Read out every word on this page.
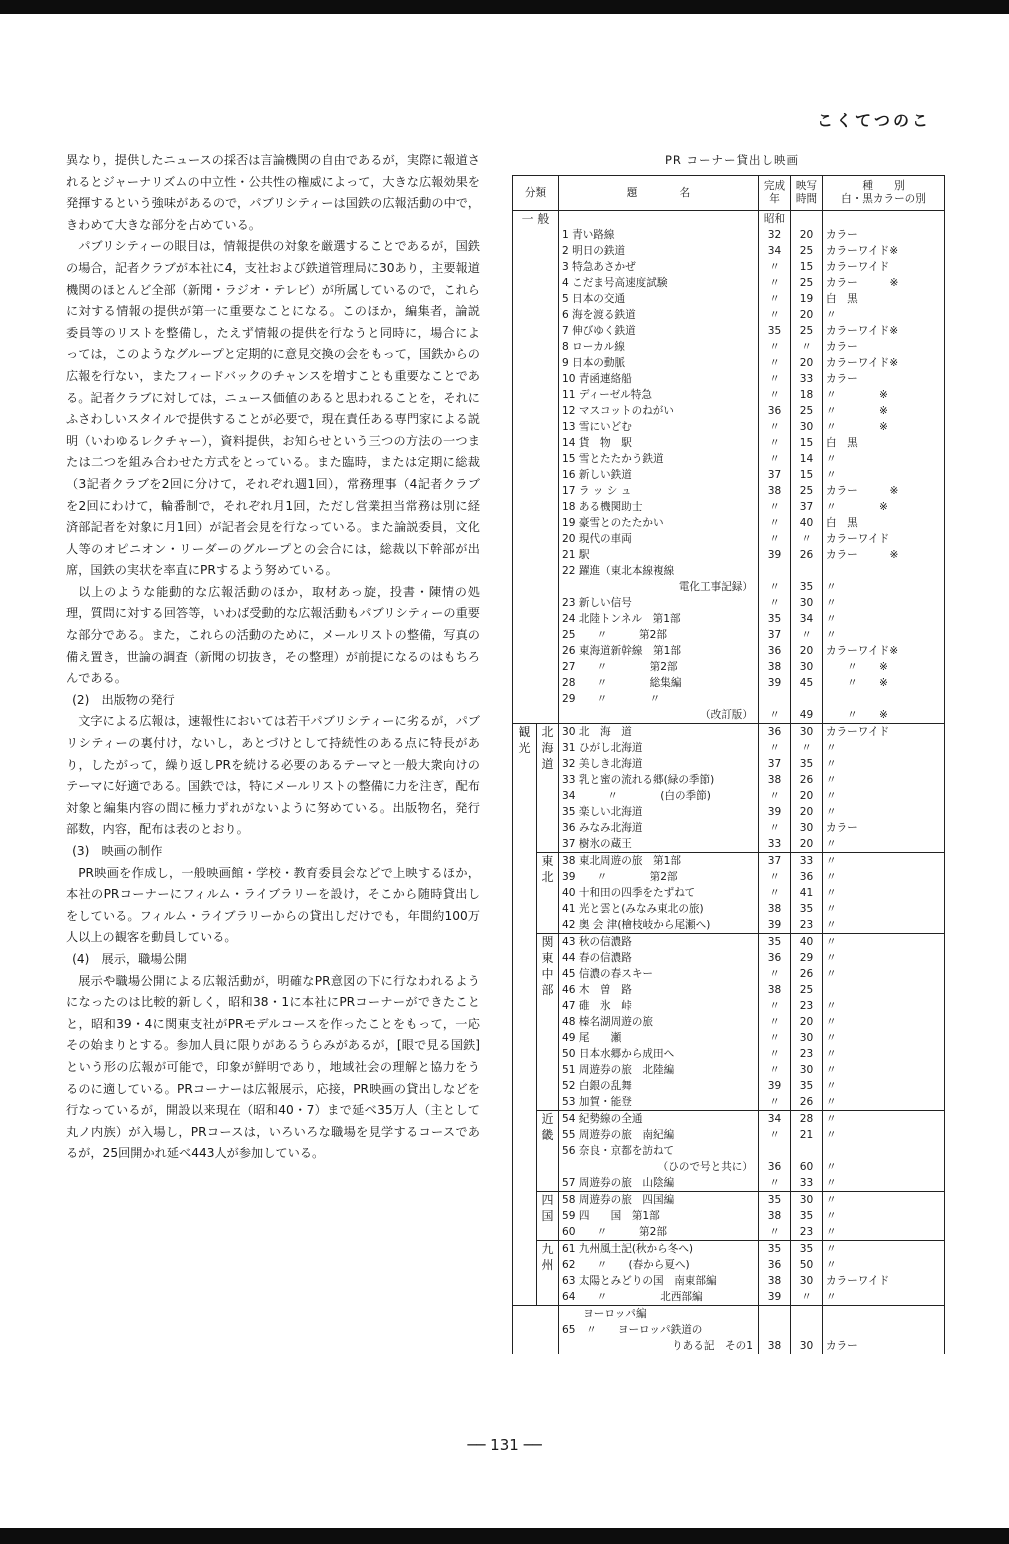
こくてつのこ

異なり，提供したニュースの採否は言論機関の自由であるが，実際に報道されるとジャーナリズムの中立性・公共性の権威によって，大きな広報効果を発揮するという強味があるので，パブリシティーは国鉄の広報活動の中で，きわめて大きな部分を占めている。

パブリシティーの眼目は，情報提供の対象を厳選することであるが，国鉄の場合，記者クラブが本社に4，支社および鉄道管理局に30あり，主要報道機関のほとんど全部（新聞・ラジオ・テレビ）が所属しているので，これらに対する情報の提供が第一に重要なことになる。このほか，編集者，論説委員等のリストを整備し，たえず情報の提供を行なうと同時に，場合によっては，このようなグループと定期的に意見交換の会をもって，国鉄からの広報を行ない，またフィードバックのチャンスを増すことも重要なことである。記者クラブに対しては，ニュース価値のあると思われることを，それにふさわしいスタイルで提供することが必要で，現在責任ある専門家による説明（いわゆるレクチャー），資料提供，お知らせという三つの方法の一つまたは二つを組み合わせた方式をとっている。また臨時，または定期に総裁（3記者クラブを2回に分けて，それぞれ週1回），常務理事（4記者クラブを2回にわけて，輪番制で，それぞれ月1回，ただし営業担当常務は別に経済部記者を対象に月1回）が記者会見を行なっている。また論説委員，文化人等のオピニオン・リーダーのグループとの会合には，総裁以下幹部が出席，国鉄の実状を率直にPRするよう努めている。

以上のような能動的な広報活動のほか，取材あっ旋，投書・陳情の処理，質問に対する回答等，いわば受動的な広報活動もパブリシティーの重要な部分である。また，これらの活動のために，メールリストの整備，写真の備え置き，世論の調査（新聞の切抜き，その整理）が前提になるのはもちろんである。

(2)　出版物の発行

文字による広報は，速報性においては若干パブリシティーに劣るが，パブリシティーの裏付け，ないし，あとづけとして持続性のある点に特長があり，したがって，繰り返しPRを続ける必要のあるテーマと一般大衆向けのテーマに好適である。国鉄では，特にメールリストの整備に力を注ぎ，配布対象と編集内容の間に極力ずれがないように努めている。出版物名，発行部数，内容，配布は表のとおり。

(3)　映画の制作

PR映画を作成し，一般映画館・学校・教育委員会などで上映するほか，本社のPRコーナーにフィルム・ライブラリーを設け，そこから随時貸出しをしている。フィルム・ライブラリーからの貸出しだけでも，年間約100万人以上の観客を動員している。

(4)　展示，職場公開

展示や職場公開による広報活動が，明確なPR意図の下に行なわれるようになったのは比較的新しく，昭和38・1に本社にPRコーナーができたことと，昭和39・4に関東支社がPRモデルコースを作ったことをもって，一応その始まりとする。参加人員に限りがあるうらみがあるが，[眼で見る国鉄]という形の広報が可能で，印象が鮮明であり，地域社会の理解と協力をうるのに適している。PRコーナーは広報展示，応接，PR映画の貸出しなどを行なっているが，開設以来現在（昭和40・7）まで延べ35万人（主として丸ノ内族）が入場し，PRコースは，いろいろな職場を見学するコースであるが，25回開かれ延べ443人が参加している。

PR コーナー貸出し映画
分類		題　　　　名	完成年	映写時間	種　　別
白・黒カラーの別
一 般		1 青い路線	昭和 32	20	カラー
		2 明日の鉄道	34	25	カラーワイド※
		3 特急あさかぜ	〃	15	カラーワイド
		4 こだま号高速度試験	〃	25	カラー　　　※
		5 日本の交通	〃	19	白　黒
		6 海を渡る鉄道	〃	20	〃
		7 伸びゆく鉄道	35	25	カラーワイド※
		8 ローカル線	〃	〃	カラー
		9 日本の動脈	〃	20	カラーワイド※
		10 青函連絡船	〃	33	カラー
		11 ディーゼル特急	〃	18	〃　　　　※
		12 マスコットのねがい	36	25	〃　　　　※
		13 雪にいどむ	〃	30	〃　　　　※
		14 貨　物　駅	〃	15	白　黒
		15 雪とたたかう鉄道	〃	14	〃
		16 新しい鉄道	37	15	〃
		17 ラ ッ シ ュ	38	25	カラー　　　※
		18 ある機関助士	〃	37	〃　　　　※
		19 豪雪とのたたかい	〃	40	白　黒
		20 現代の車両	〃	〃	カラーワイド
		21 駅	39	26	カラー　　　※
		22 躍進（東北本線複線
電化工事記録）	〃	35	〃
		23 新しい信号	〃	30	〃
		24 北陸トンネル　第1部	35	34	〃
		25　　〃　　　第2部	37	〃	〃
		26 東海道新幹線　第1部	36	20	カラーワイド※
		27　　〃　　　　第2部	38	30	　　〃　　※
		28　　〃　　　　総集編	39	45	　　〃　　※
		29　　〃　　　　〃
（改訂版）	〃	49	　　〃　　※
観 光	北 海 道	30 北　海　道	36	30	カラーワイド
		31 ひがし北海道	〃	〃	〃
		32 美しき北海道	37	35	〃
		33 乳と蜜の流れる郷(緑の季節)	38	26	〃
		34　　　〃　　　　(白の季節)	〃	20	〃
		35 楽しい北海道	39	20	〃
		36 みなみ北海道	〃	30	カラー
		37 樹氷の蔵王	33	20	〃
	東 北	38 東北周遊の旅　第1部	37	33	〃
		39　　〃　　　　第2部	〃	36	〃
		40 十和田の四季をたずねて	〃	41	〃
		41 光と雲と(みなみ東北の旅)	38	35	〃
		42 奥 会 津(檜枝岐から尾瀬へ)	39	23	〃
	関 東 中 部	43 秋の信濃路	35	40	〃
		44 春の信濃路	36	29	〃
		45 信濃の春スキー	〃	26	〃
		46 木　曽　路	38	25	
		47 碓　氷　峠	〃	23	〃
		48 榛名湖周遊の旅	〃	20	〃
		49 尾　　瀬	〃	30	〃
		50 日本水郷から成田へ	〃	23	〃
		51 周遊券の旅　北陸編	〃	30	〃
		52 白銀の乱舞	39	35	〃
		53 加賀・能登	〃	26	〃
	近 畿	54 紀勢線の全通	34	28	〃
		55 周遊券の旅　南紀編	〃	21	〃
		56 奈良・京都を訪ねて
（ひので号と共に）	36	60	〃
		57 周遊券の旅　山陰編	〃	33	〃
	四 国	58 周遊券の旅　四国編	35	30	〃
		59 四　　国　第1部	38	35	〃
		60　　〃　　　第2部	〃	23	〃
	九 州	61 九州風土記(秋から冬へ)	35	35	〃
		62　　〃　　(春から夏へ)	36	50	〃
		63 太陽とみどりの国　南東部編	38	30	カラーワイド
		64　　〃　　　　　北西部編	39	〃	〃
		　　ヨーロッパ編			
		65　〃　　ヨーロッパ鉄道の
りある記　その1	38	30	カラー
── 131 ──
